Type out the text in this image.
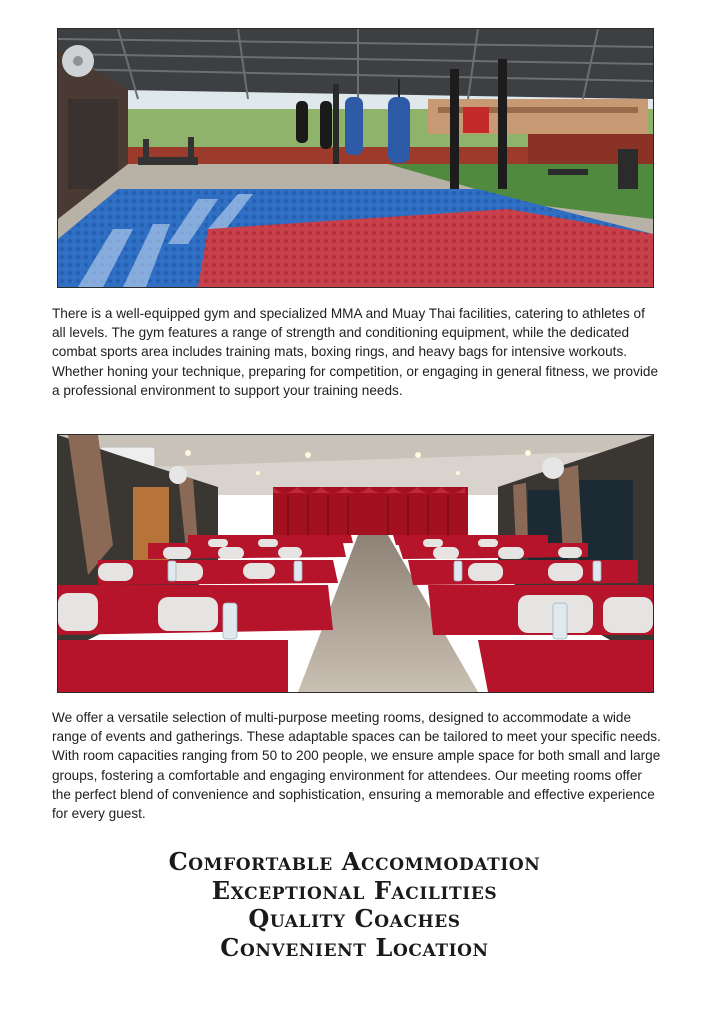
There is a well-equipped gym and specialized MMA and Muay Thai facilities, catering to athletes of all levels. The gym features a range of strength and conditioning equipment, while the dedicated combat sports area includes training mats, boxing rings, and heavy bags for intensive workouts. Whether honing your technique, preparing for competition, or engaging in general fitness, we provide a professional environment to support your training needs.

We offer a versatile selection of multi-purpose meeting rooms, designed to accommodate a wide range of events and gatherings. These adaptable spaces can be tailored to meet your specific needs. With room capacities ranging from 50 to 200 people, we ensure ample space for both small and large groups, fostering a comfortable and engaging environment for attendees. Our meeting rooms offer the perfect blend of convenience and sophistication, ensuring a memorable and effective experience for every guest.

Comfortable Accommodation
Exceptional Facilities
Quality Coaches
Convenient Location
